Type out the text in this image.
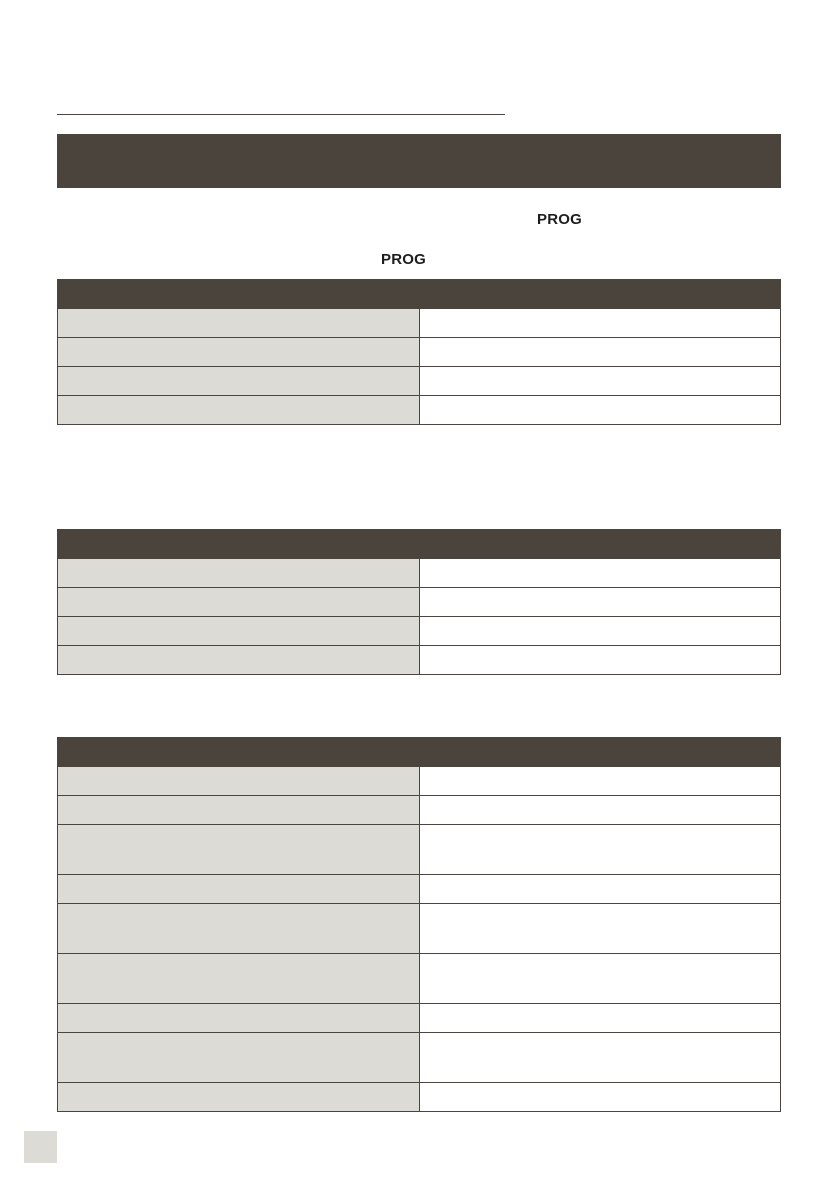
PROG
PROG
